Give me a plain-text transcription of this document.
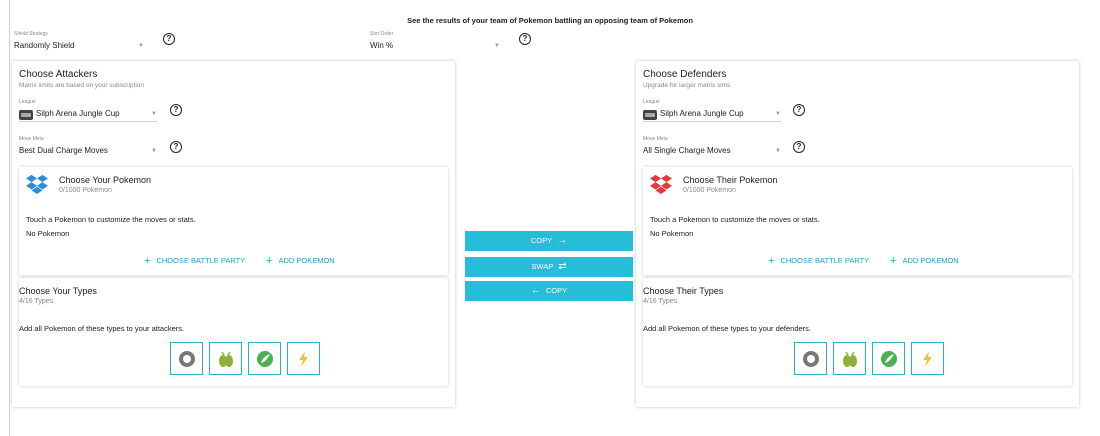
See the results of your team of Pokemon battling an opposing team of Pokemon
Shield Strategy
Randomly Shield	▼
?	Sort Order
Win %	▼
?
Choose Attackers
Matrix limits are based on your subscription
League
Silph Arena Jungle Cup	▼	?
Move Meta
Best Dual Charge Moves	▼	?
Choose Your Pokemon
0/1000 Pokemon
Touch a Pokemon to customize the moves or stats.
No Pokemon
+ CHOOSE BATTLE PARTY + ADD POKEMON
Choose Your Types
4/16 Types
Add all Pokemon of these types to your attackers.
COPY →
SWAP ⇄
← COPY
Choose Defenders
Upgrade for larger matrix sims
League
Silph Arena Jungle Cup	▼	?
Move Meta
All Single Charge Moves	▼	?
Choose Their Pokemon
0/1000 Pokemon
Touch a Pokemon to customize the moves or stats.
No Pokemon
+ CHOOSE BATTLE PARTY + ADD POKEMON
Choose Their Types
4/16 Types
Add all Pokemon of these types to your defenders.
